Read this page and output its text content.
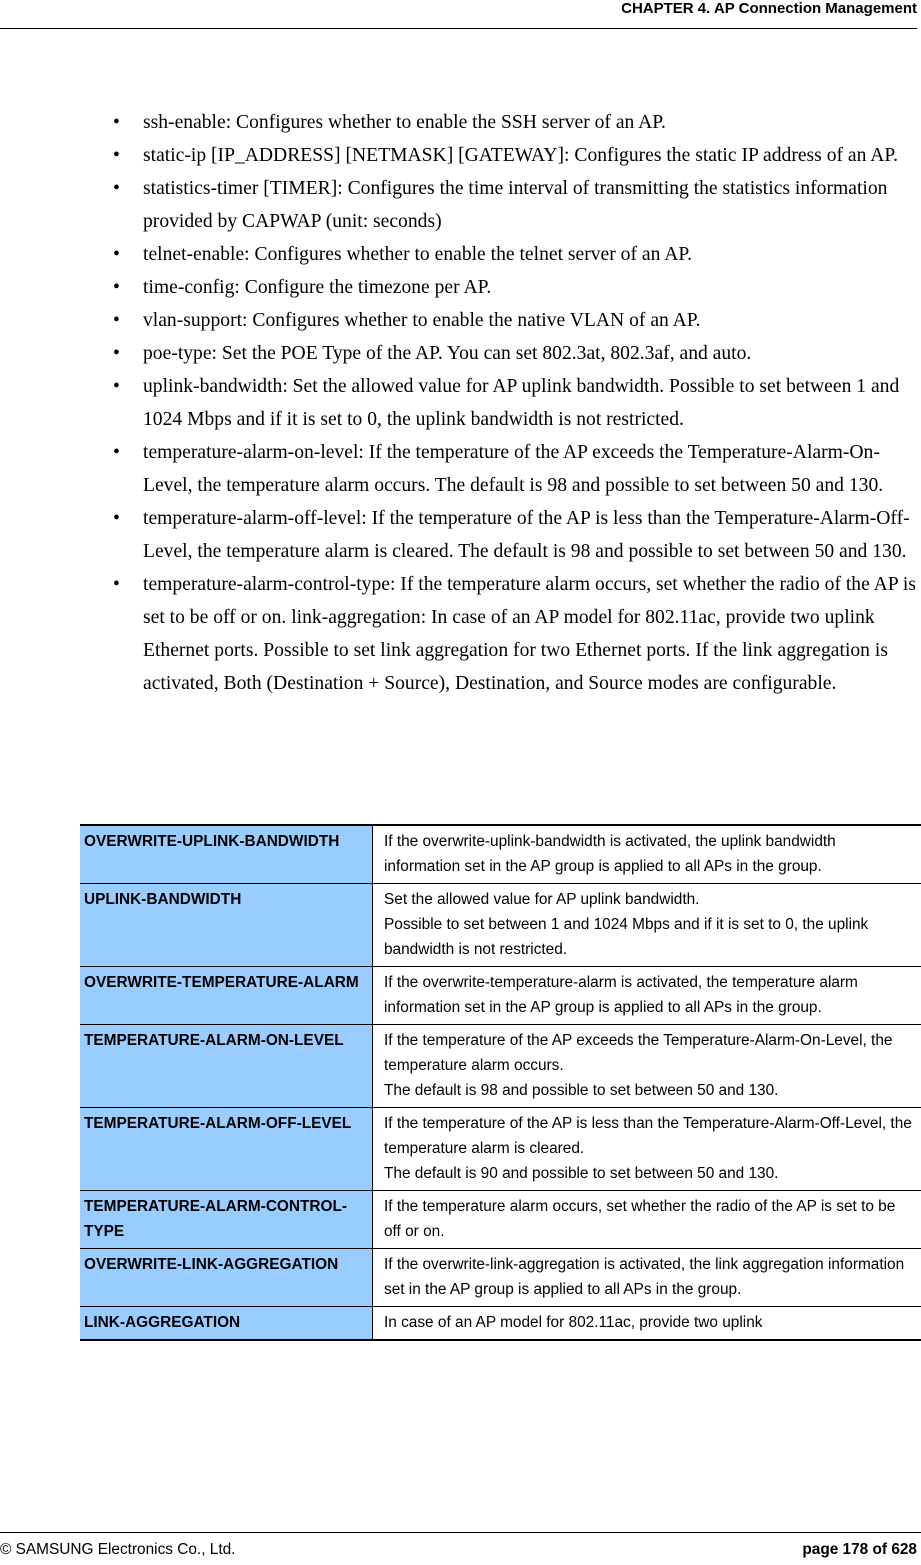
CHAPTER 4. AP Connection Management
• ssh-enable: Configures whether to enable the SSH server of an AP.
• static-ip [IP_ADDRESS] [NETMASK] [GATEWAY]: Configures the static IP address of an AP.
• statistics-timer [TIMER]: Configures the time interval of transmitting the statistics information provided by CAPWAP (unit: seconds)
• telnet-enable: Configures whether to enable the telnet server of an AP.
• time-config: Configure the timezone per AP.
• vlan-support: Configures whether to enable the native VLAN of an AP.
• poe-type: Set the POE Type of the AP. You can set 802.3at, 802.3af, and auto.
• uplink-bandwidth: Set the allowed value for AP uplink bandwidth. Possible to set between 1 and 1024 Mbps and if it is set to 0, the uplink bandwidth is not restricted.
• temperature-alarm-on-level: If the temperature of the AP exceeds the Temperature-Alarm-On-Level, the temperature alarm occurs. The default is 98 and possible to set between 50 and 130.
• temperature-alarm-off-level: If the temperature of the AP is less than the Temperature-Alarm-Off-Level, the temperature alarm is cleared. The default is 98 and possible to set between 50 and 130.
• temperature-alarm-control-type: If the temperature alarm occurs, set whether the radio of the AP is set to be off or on. link-aggregation: In case of an AP model for 802.11ac, provide two uplink Ethernet ports. Possible to set link aggregation for two Ethernet ports. If the link aggregation is activated, Both (Destination + Source), Destination, and Source modes are configurable.
OVERWRITE-UPLINK-BANDWIDTH	If the overwrite-uplink-bandwidth is activated, the uplink bandwidth information set in the AP group is applied to all APs in the group.
UPLINK-BANDWIDTH	Set the allowed value for AP uplink bandwidth.
Possible to set between 1 and 1024 Mbps and if it is set to 0, the uplink bandwidth is not restricted.
OVERWRITE-TEMPERATURE-ALARM	If the overwrite-temperature-alarm is activated, the temperature alarm information set in the AP group is applied to all APs in the group.
TEMPERATURE-ALARM-ON-LEVEL	If the temperature of the AP exceeds the Temperature-Alarm-On-Level, the temperature alarm occurs.
The default is 98 and possible to set between 50 and 130.
TEMPERATURE-ALARM-OFF-LEVEL	If the temperature of the AP is less than the Temperature-Alarm-Off-Level, the temperature alarm is cleared.
The default is 90 and possible to set between 50 and 130.
TEMPERATURE-ALARM-CONTROL-TYPE	If the temperature alarm occurs, set whether the radio of the AP is set to be off or on.
OVERWRITE-LINK-AGGREGATION	If the overwrite-link-aggregation is activated, the link aggregation information set in the AP group is applied to all APs in the group.
LINK-AGGREGATION	In case of an AP model for 802.11ac, provide two uplink
© SAMSUNG Electronics Co., Ltd.	page 178 of 628
